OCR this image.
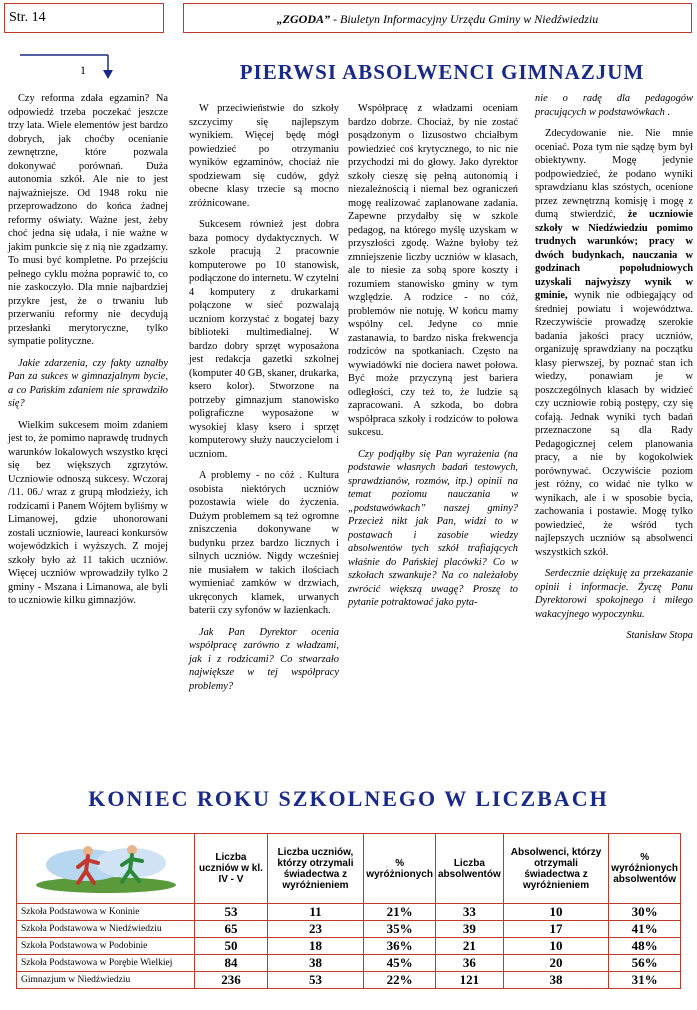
Str. 14	„ZGODA” - Biuletyn Informacyjny Urzędu Gminy w Niedźwiedziu
1	PIERWSI ABSOLWENCI GIMNAZJUM

Czy reforma zdała egzamin? Na odpowiedź trzeba poczekać jeszcze trzy lata. Wiele elementów jest bardzo dobrych, jak choćby ocenianie zewnętrzne, które pozwala dokonywać porównań. Duża autonomia szkół. Ale nie to jest najważniejsze. Od 1948 roku nie przeprowadzono do końca żadnej reformy oświaty. Ważne jest, żeby choć jedna się udała, i nie ważne w jakim punkcie się z nią nie zgadzamy. To musi być kompletne. Po przejściu pełnego cyklu można poprawić to, co nie zaskoczyło. Dla mnie najbardziej przykre jest, że o trwaniu lub przerwaniu reformy nie decydują przesłanki merytoryczne, tylko sympatie polityczne.

Jakie zdarzenia, czy fakty uznałby Pan za sukces w gimnazjalnym bycie, a co Pańskim zdaniem nie sprawdziło się?

Wielkim sukcesem moim zdaniem jest to, że pomimo naprawdę trudnych warunków lokalowych wszystko kręci się bez większych zgrzytów. Uczniowie odnoszą sukcesy. Wczoraj /11. 06./ wraz z grupą młodzieży, ich rodzicami i Panem Wójtem byliśmy w Limanowej, gdzie uhonorowani zostali uczniowie, laureaci konkursów wojewódzkich i wyższych. Z mojej szkoły było aż 11 takich uczniów. Więcej uczniów wprowadziły tylko 2 gminy - Mszana i Limanowa, ale byli to uczniowie kilku gimnazjów.

W przeciwieństwie do szkoły szczycimy się najlepszym wynikiem. Więcej będę mógł powiedzieć po otrzymaniu wyników egzaminów, chociaż nie spodziewam się cudów, gdyż obecne klasy trzecie są mocno zróżnicowane.

Sukcesem również jest dobra baza pomocy dydaktycznych. W szkole pracują 2 pracownie komputerowe po 10 stanowisk, podłączone do internetu. W czytelni 4 komputery z drukarkami połączone w sieć pozwalają uczniom korzystać z bogatej bazy biblioteki multimedialnej. W bardzo dobry sprzęt wyposażona jest redakcja gazetki szkolnej (komputer 40 GB, skaner, drukarka, ksero kolor). Stworzone na potrzeby gimnazjum stanowisko poligraficzne wyposażone w wysokiej klasy ksero i sprzęt komputerowy służy nauczycielom i uczniom.

A problemy - no cóż . Kultura osobista niektórych uczniów pozostawia wiele do życzenia. Dużym problemem są też ogromne zniszczenia dokonywane w budynku przez bardzo licznych i silnych uczniów. Nigdy wcześniej nie musiałem w takich ilościach wymieniać zamków w drzwiach, ukręconych klamek, urwanych baterii czy syfonów w łazienkach.

Jak Pan Dyrektor ocenia współpracę zarówno z władzami, jak i z rodzicami? Co stwarzało największe w tej współpracy problemy?

Współpracę z władzami oceniam bardzo dobrze. Chociaż, by nie zostać posądzonym o lizusostwo chciałbym powiedzieć coś krytycznego, to nic nie przychodzi mi do głowy. Jako dyrektor szkoły cieszę się pełną autonomią i niezależnością i niemal bez ograniczeń mogę realizować zaplanowane zadania. Zapewne przydałby się w szkole pedagog, na którego myślę uzyskam w przyszłości zgodę. Ważne byłoby też zmniejszenie liczby uczniów w klasach, ale to niesie za sobą spore koszty i rozumiem stanowisko gminy w tym względzie. A rodzice - no cóż, problemów nie notuję. W końcu mamy wspólny cel. Jedyne co mnie zastanawia, to bardzo niska frekwencja rodziców na spotkaniach. Często na wywiadówki nie dociera nawet połowa. Być może przyczyną jest bariera odległości, czy też to, że ludzie są zapracowani. A szkoda, bo dobra współpraca szkoły i rodziców to połowa sukcesu.

Czy podjąłby się Pan wyrażenia (na podstawie własnych badań testowych, sprawdzianów, rozmów, itp.) opinii na temat poziomu nauczania w „podstawówkach” naszej gminy? Przecież nikt jak Pan, widzi to w postawach i zasobie wiedzy absolwentów tych szkół trafiających właśnie do Pańskiej placówki? Co w szkołach szwankuje? Na co należałoby zwrócić większą uwagę? Proszę to pytanie potraktować jako pyta-

nie o radę dla pedagogów pracujących w podstawówkach .

Zdecydowanie nie. Nie mnie oceniać. Poza tym nie sądzę bym był obiektywny. Mogę jedynie podpowiedzieć, że podano wyniki sprawdzianu klas szóstych, ocenione przez zewnętrzną komisję i mogę z dumą stwierdzić, że uczniowie szkoły w Niedźwiedziu pomimo trudnych warunków; pracy w dwóch budynkach, nauczania w godzinach popołudniowych uzyskali najwyższy wynik w gminie, wynik nie odbiegający od średniej powiatu i województwa. Rzeczywiście prowadzę szerokie badania jakości pracy uczniów, organizuję sprawdziany na początku klasy pierwszej, by poznać stan ich wiedzy, ponawiam je w poszczególnych klasach by widzieć czy uczniowie robią postępy, czy się cofają. Jednak wyniki tych badań przeznaczone są dla Rady Pedagogicznej celem planowania pracy, a nie by kogokolwiek porównywać. Oczywiście poziom jest różny, co widać nie tylko w wynikach, ale i w sposobie bycia, zachowania i postawie. Mogę tylko powiedzieć, że wśród tych najlepszych uczniów są absolwenci wszystkich szkół.

Serdecznie dziękuję za przekazanie opinii i informacje. Życzę Panu Dyrektorowi spokojnego i miłego wakacyjnego wypoczynku.

Stanisław Stopa

KONIEC ROKU SZKOLNEGO W LICZBACH
	Liczba uczniów w kl. IV - V	Liczba uczniów, którzy otrzymali świadectwa z wyróżnieniem	% wyróżnionych	Liczba absolwentów	Absolwenci, którzy otrzymali świadectwa z wyróżnieniem	% wyróżnionych absolwentów
Szkoła Podstawowa w Koninie	53	11	21%	33	10	30%
Szkoła Podstawowa w Niedźwiedziu	65	23	35%	39	17	41%
Szkoła Podstawowa w Podobinie	50	18	36%	21	10	48%
Szkoła Podstawowa w Porębie Wielkiej	84	38	45%	36	20	56%
Gimnazjum w Niedźwiedziu	236	53	22%	121	38	31%
